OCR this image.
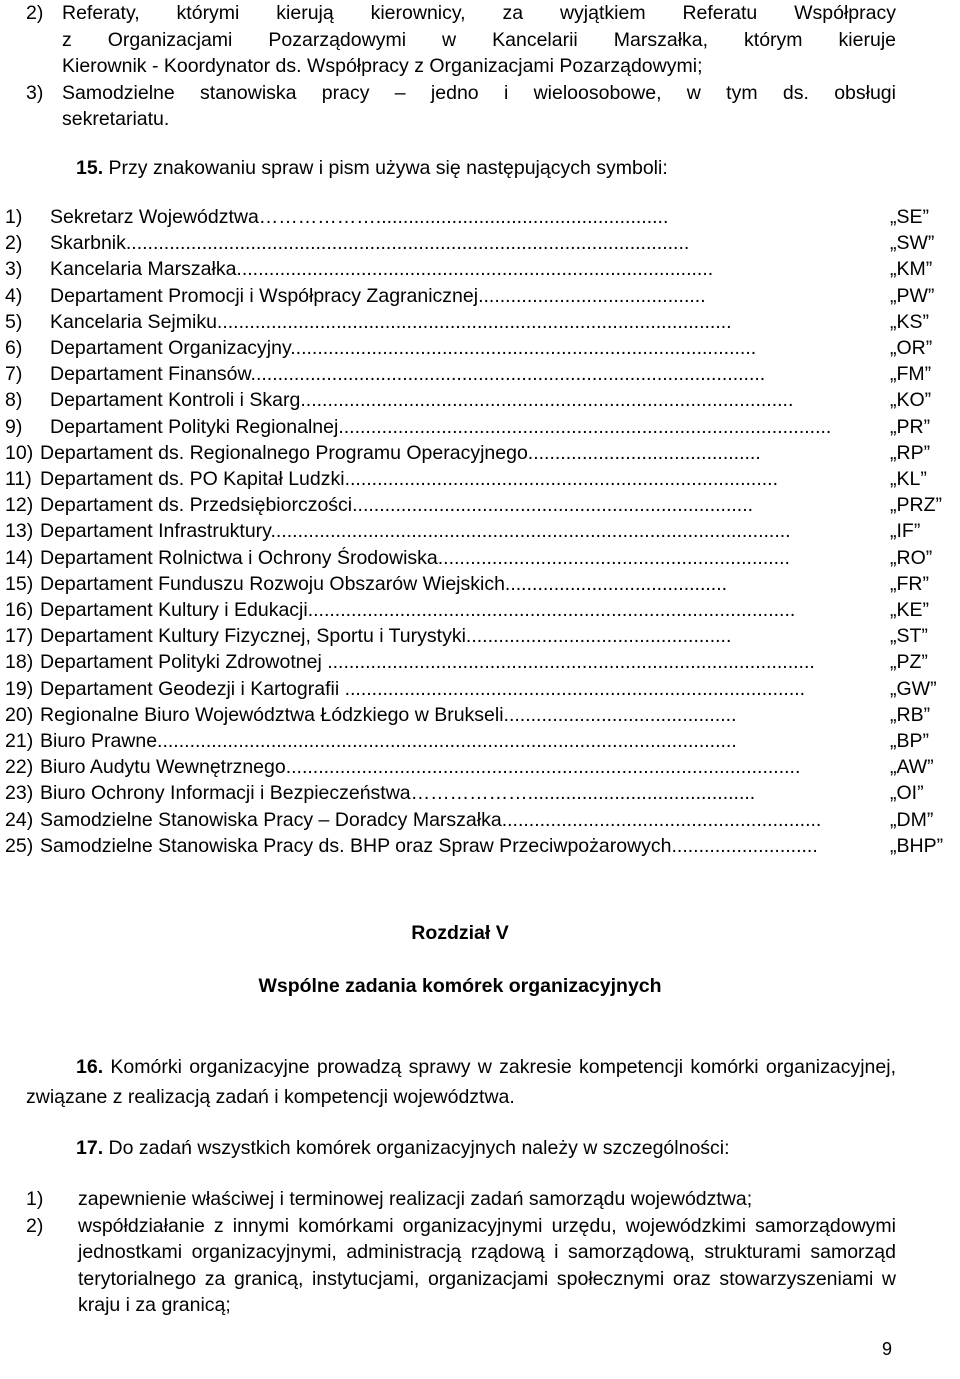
2) Referaty, którymi kierują kierownicy, za wyjątkiem Referatu Współpracy
z Organizacjami Pozarządowymi w Kancelarii Marszałka, którym kieruje
Kierownik - Koordynator ds. Współpracy z Organizacjami Pozarządowymi;
3) Samodzielne stanowiska pracy – jedno i wieloosobowe, w tym ds. obsługi
sekretariatu.
15. Przy znakowaniu spraw i pism używa się następujących symboli:
1) Sekretarz Województwa………………......................................................	„SE”
2) Skarbnik........................................................................................................	„SW”
3) Kancelaria Marszałka........................................................................................	„KM”
4) Departament Promocji i Współpracy Zagranicznej..........................................	„PW”
5) Kancelaria Sejmiku...............................................................................................	„KS”
6) Departament Organizacyjny......................................................................................	„OR”
7) Departament Finansów...............................................................................................	„FM”
8) Departament Kontroli i Skarg...........................................................................................	„KO”
9) Departament Polityki Regionalnej...........................................................................................	„PR”
10) Departament ds. Regionalnego Programu Operacyjnego...........................................	„RP”
11) Departament ds. PO Kapitał Ludzki................................................................................	„KL”
12) Departament ds. Przedsiębiorczości..........................................................................	„PRZ”
13) Departament Infrastruktury................................................................................................	„IF”
14) Departament Rolnictwa i Ochrony Środowiska.................................................................	„RO”
15) Departament Funduszu Rozwoju Obszarów Wiejskich.........................................	„FR”
16) Departament Kultury i Edukacji..........................................................................................	„KE”
17) Departament Kultury Fizycznej, Sportu i Turystyki.................................................	„ST”
18) Departament Polityki Zdrowotnej ..........................................................................................	„PZ”
19) Departament Geodezji i Kartografii .....................................................................................	„GW”
20) Regionalne Biuro Województwa Łódzkiego w Brukseli...........................................	„RB”
21) Biuro Prawne...........................................................................................................	„BP”
22) Biuro Audytu Wewnętrznego...............................................................................................	„AW”
23) Biuro Ochrony Informacji i Bezpieczeństwa………………..........................................	„OI”
24) Samodzielne Stanowiska Pracy – Doradcy Marszałka...........................................................	„DM”
25) Samodzielne Stanowiska Pracy ds. BHP oraz Spraw Przeciwpożarowych...........................	„BHP”
Rozdział V
Wspólne zadania komórek organizacyjnych
16. Komórki organizacyjne prowadzą sprawy w zakresie kompetencji komórki organizacyjnej, związane z realizacją zadań i kompetencji województwa.
17. Do zadań wszystkich komórek organizacyjnych należy w szczególności:
1) zapewnienie właściwej i terminowej realizacji zadań samorządu województwa;
2) współdziałanie z innymi komórkami organizacyjnymi urzędu, wojewódzkimi samorządowymi jednostkami organizacyjnymi, administracją rządową i samorządową, strukturami samorząd terytorialnego za granicą, instytucjami, organizacjami społecznymi oraz stowarzyszeniami w kraju i za granicą;
9
